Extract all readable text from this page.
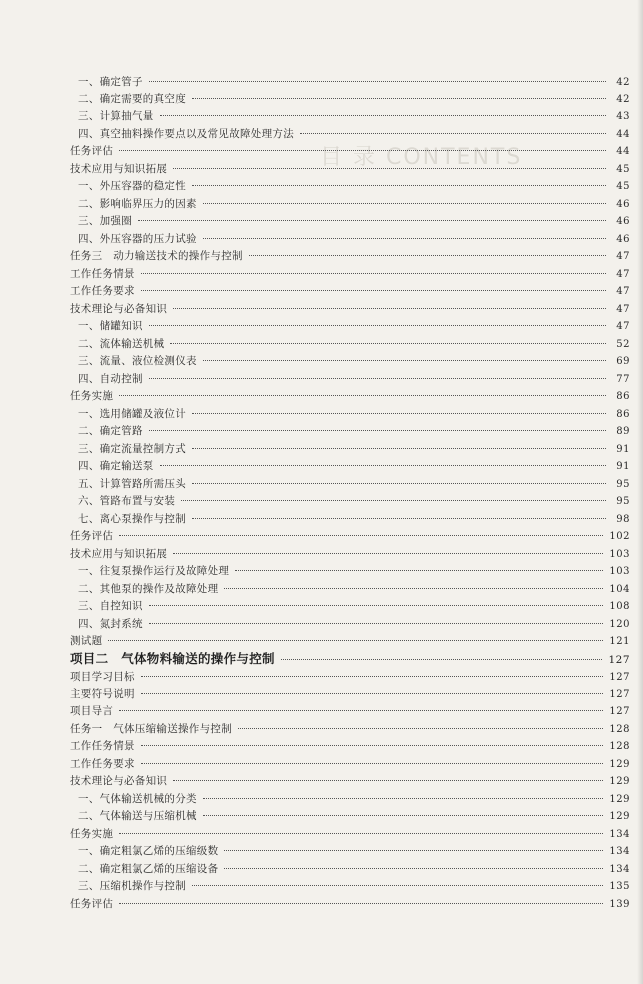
目 录 CONTENTS
一、确定管子	42
二、确定需要的真空度	42
三、计算抽气量	43
四、真空抽料操作要点以及常见故障处理方法	44
任务评估	44
技术应用与知识拓展	45
一、外压容器的稳定性	45
二、影响临界压力的因素	46
三、加强圈	46
四、外压容器的压力试验	46
任务三　动力输送技术的操作与控制	47
工作任务情景	47
工作任务要求	47
技术理论与必备知识	47
一、储罐知识	47
二、流体输送机械	52
三、流量、液位检测仪表	69
四、自动控制	77
任务实施	86
一、选用储罐及液位计	86
二、确定管路	89
三、确定流量控制方式	91
四、确定输送泵	91
五、计算管路所需压头	95
六、管路布置与安装	95
七、离心泵操作与控制	98
任务评估	102
技术应用与知识拓展	103
一、往复泵操作运行及故障处理	103
二、其他泵的操作及故障处理	104
三、自控知识	108
四、氮封系统	120
测试题	121
项目二　气体物料输送的操作与控制	127
项目学习目标	127
主要符号说明	127
项目导言	127
任务一　气体压缩输送操作与控制	128
工作任务情景	128
工作任务要求	129
技术理论与必备知识	129
一、气体输送机械的分类	129
二、气体输送与压缩机械	129
任务实施	134
一、确定粗氯乙烯的压缩级数	134
二、确定粗氯乙烯的压缩设备	134
三、压缩机操作与控制	135
任务评估	139
